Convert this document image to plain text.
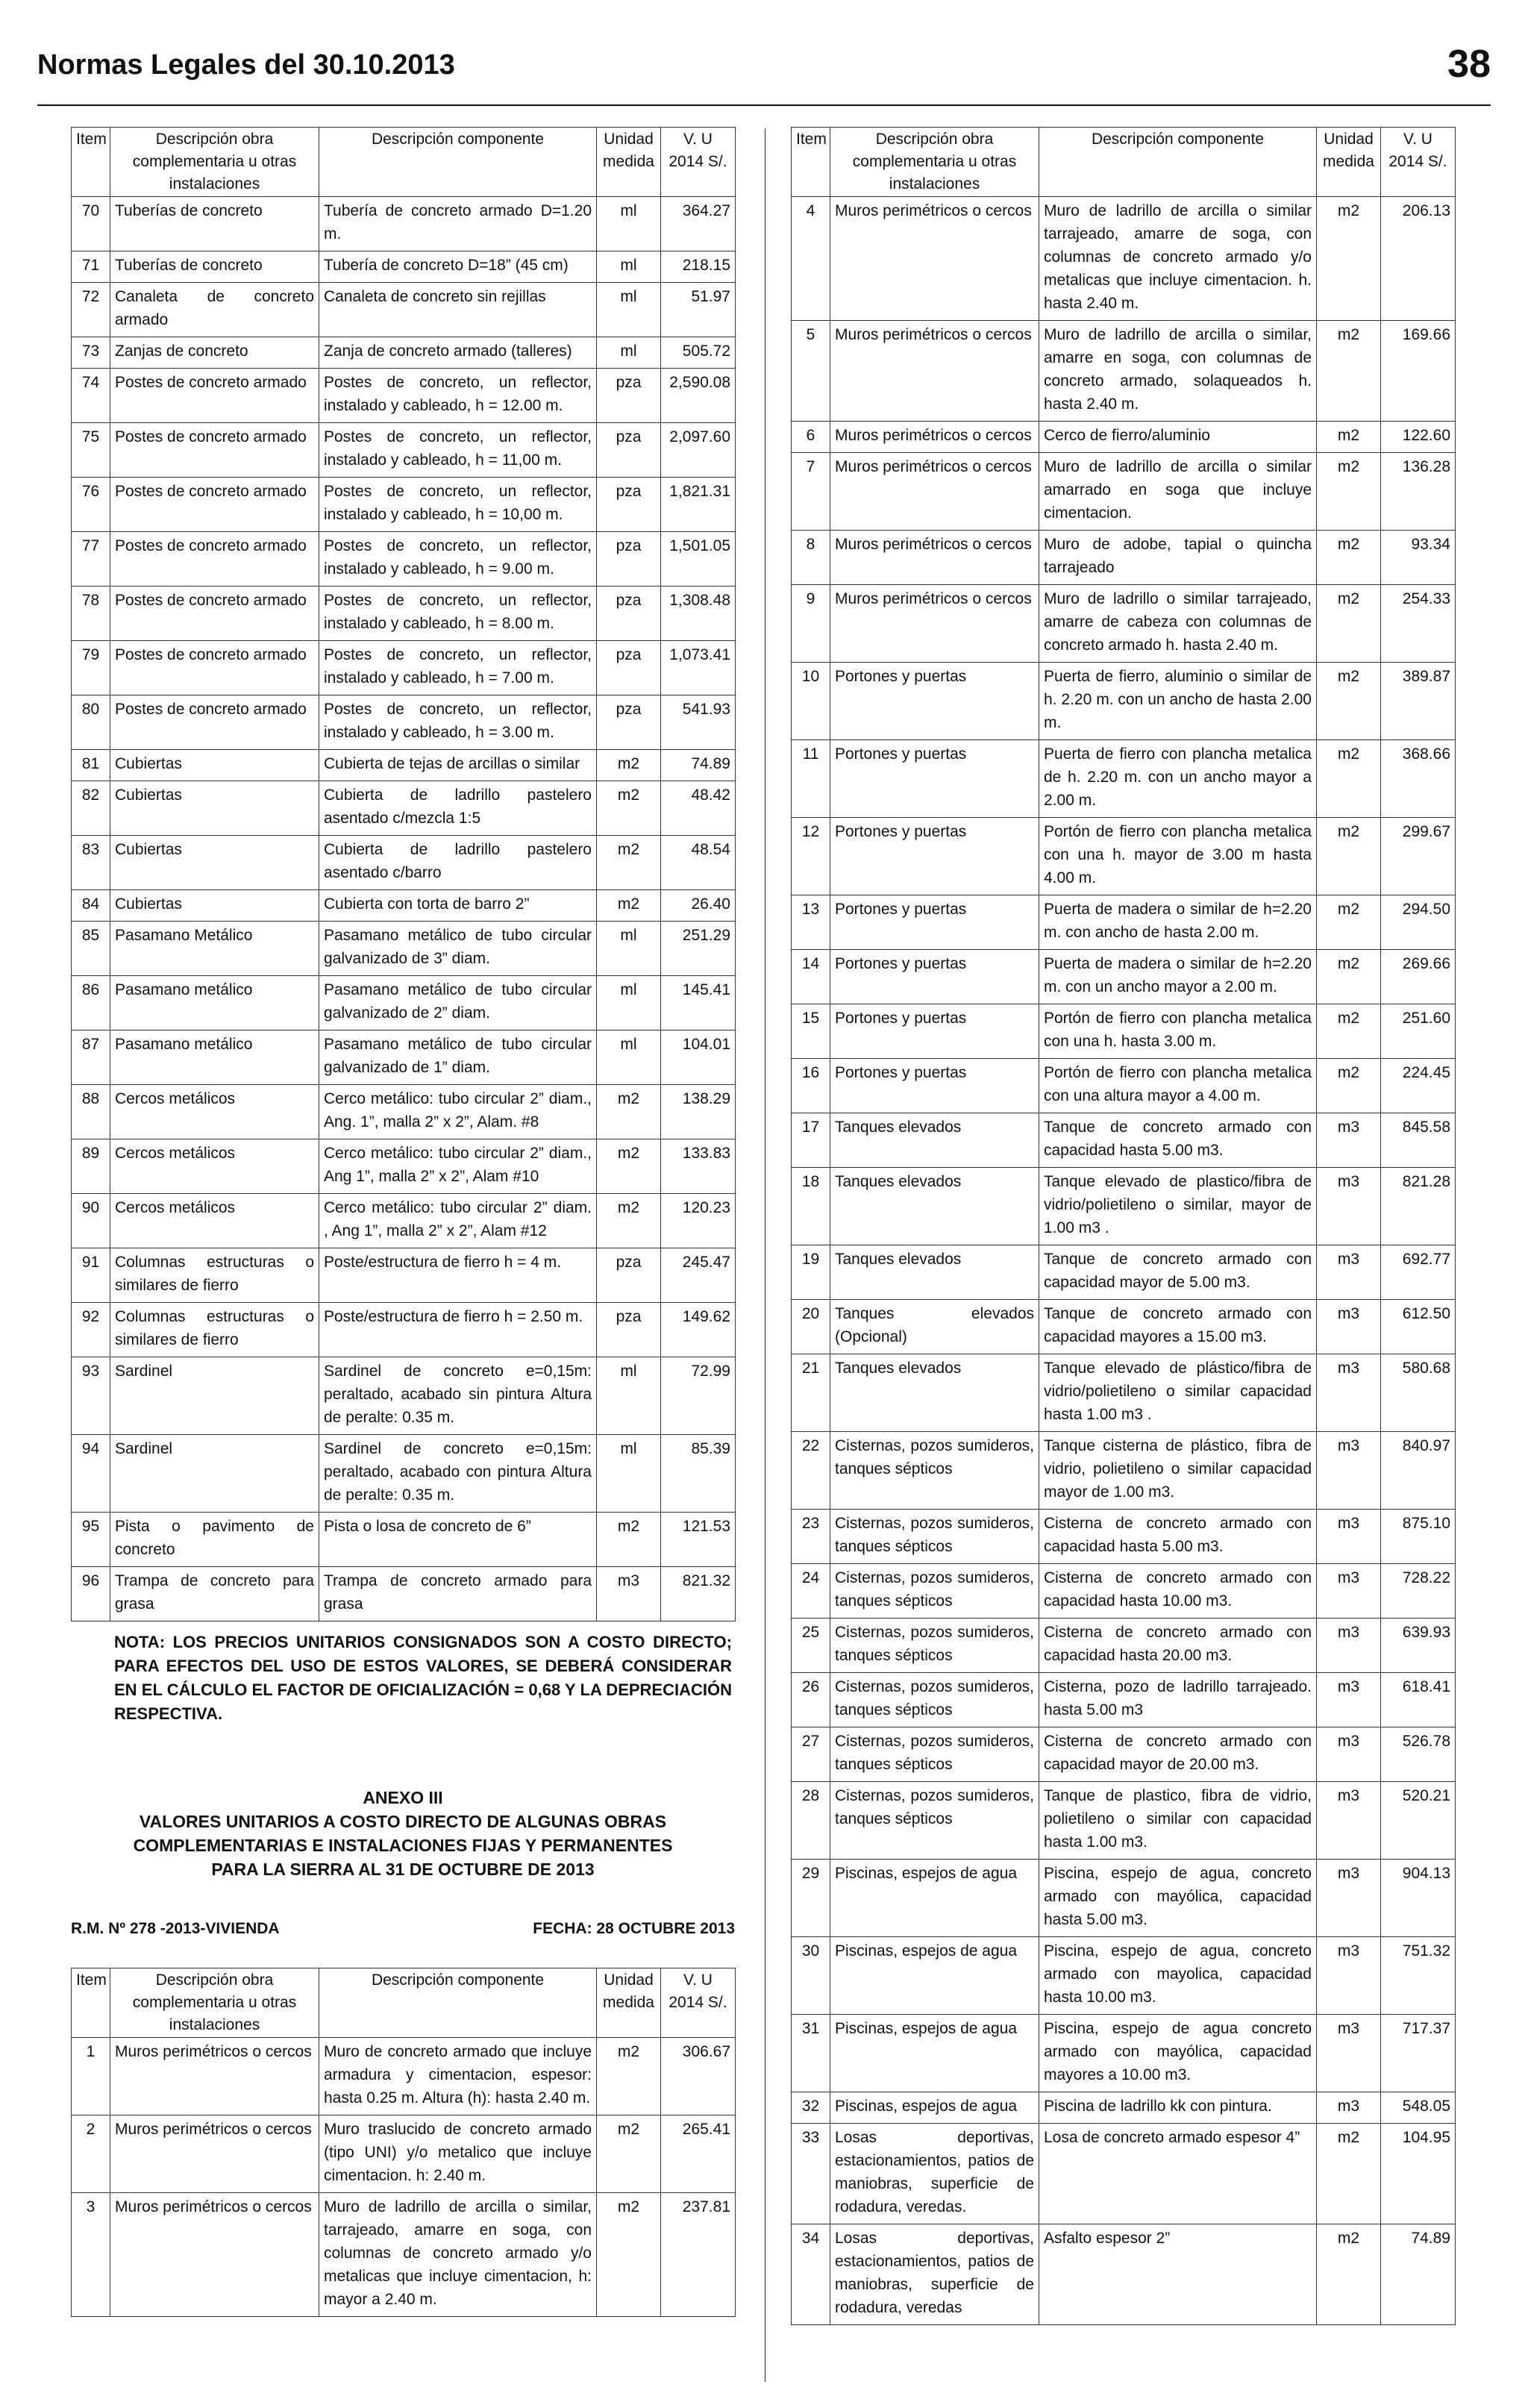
Normas Legales del 30.10.2013	38
Item	Descripción obra complementaria u otras instalaciones	Descripción componente	Unidad medida	V. U 2014 S/.
70	Tuberías de concreto	Tubería de concreto armado D=1.20 m.	ml	364.27
71	Tuberías de concreto	Tubería de concreto D=18” (45 cm)	ml	218.15
72	Canaleta de concreto armado	Canaleta de concreto sin rejillas	ml	51.97
73	Zanjas de concreto	Zanja de concreto armado (talleres)	ml	505.72
74	Postes de concreto armado	Postes de concreto, un reflector, instalado y cableado, h = 12.00 m.	pza	2,590.08
75	Postes de concreto armado	Postes de concreto, un reflector, instalado y cableado, h = 11,00 m.	pza	2,097.60
76	Postes de concreto armado	Postes de concreto, un reflector, instalado y cableado, h = 10,00 m.	pza	1,821.31
77	Postes de concreto armado	Postes de concreto, un reflector, instalado y cableado, h = 9.00 m.	pza	1,501.05
78	Postes de concreto armado	Postes de concreto, un reflector, instalado y cableado, h = 8.00 m.	pza	1,308.48
79	Postes de concreto armado	Postes de concreto, un reflector, instalado y cableado, h = 7.00 m.	pza	1,073.41
80	Postes de concreto armado	Postes de concreto, un reflector, instalado y cableado, h = 3.00 m.	pza	541.93
81	Cubiertas	Cubierta de tejas de arcillas o similar	m2	74.89
82	Cubiertas	Cubierta de ladrillo pastelero asentado c/mezcla 1:5	m2	48.42
83	Cubiertas	Cubierta de ladrillo pastelero asentado c/barro	m2	48.54
84	Cubiertas	Cubierta con torta de barro 2”	m2	26.40
85	Pasamano Metálico	Pasamano metálico de tubo circular galvanizado de 3” diam.	ml	251.29
86	Pasamano metálico	Pasamano metálico de tubo circular galvanizado de 2” diam.	ml	145.41
87	Pasamano metálico	Pasamano metálico de tubo circular galvanizado de 1” diam.	ml	104.01
88	Cercos metálicos	Cerco metálico: tubo circular 2” diam., Ang. 1”, malla 2” x 2”, Alam. #8	m2	138.29
89	Cercos metálicos	Cerco metálico: tubo circular 2” diam., Ang 1”, malla 2” x 2”, Alam #10	m2	133.83
90	Cercos metálicos	Cerco metálico: tubo circular 2” diam. , Ang 1”, malla 2” x 2”, Alam #12	m2	120.23
91	Columnas estructuras o similares de fierro	Poste/estructura de fierro h = 4 m.	pza	245.47
92	Columnas estructuras o similares de fierro	Poste/estructura de fierro h = 2.50 m.	pza	149.62
93	Sardinel	Sardinel de concreto e=0,15m: peraltado, acabado sin pintura Altura de peralte: 0.35 m.	ml	72.99
94	Sardinel	Sardinel de concreto e=0,15m: peraltado, acabado con pintura Altura de peralte: 0.35 m.	ml	85.39
95	Pista o pavimento de concreto	Pista o losa de concreto de 6”	m2	121.53
96	Trampa de concreto para grasa	Trampa de concreto armado para grasa	m3	821.32
NOTA: LOS PRECIOS UNITARIOS CONSIGNADOS SON A COSTO DIRECTO; PARA EFECTOS DEL USO DE ESTOS VALORES, SE DEBERÁ CONSIDERAR EN EL CÁLCULO EL FACTOR DE OFICIALIZACIÓN = 0,68 Y LA DEPRECIACIÓN RESPECTIVA.
ANEXO III
VALORES UNITARIOS A COSTO DIRECTO DE ALGUNAS OBRAS
COMPLEMENTARIAS E INSTALACIONES FIJAS Y PERMANENTES
PARA LA SIERRA AL 31 DE OCTUBRE DE 2013
R.M. Nº 278 -2013-VIVIENDA	FECHA: 28 OCTUBRE 2013
Item	Descripción obra complementaria u otras instalaciones	Descripción componente	Unidad medida	V. U 2014 S/.
1	Muros perimétricos o cercos	Muro de concreto armado que incluye armadura y cimentacion, espesor: hasta 0.25 m. Altura (h): hasta 2.40 m.	m2	306.67
2	Muros perimétricos o cercos	Muro traslucido de concreto armado (tipo UNI) y/o metalico que incluye cimentacion. h: 2.40 m.	m2	265.41
3	Muros perimétricos o cercos	Muro de ladrillo de arcilla o similar, tarrajeado, amarre en soga, con columnas de concreto armado y/o metalicas que incluye cimentacion, h: mayor a 2.40 m.	m2	237.81
Item	Descripción obra complementaria u otras instalaciones	Descripción componente	Unidad medida	V. U 2014 S/.
4	Muros perimétricos o cercos	Muro de ladrillo de arcilla o similar tarrajeado, amarre de soga, con columnas de concreto armado y/o metalicas que incluye cimentacion. h. hasta 2.40 m.	m2	206.13
5	Muros perimétricos o cercos	Muro de ladrillo de arcilla o similar, amarre en soga, con columnas de concreto armado, solaqueados h. hasta 2.40 m.	m2	169.66
6	Muros perimétricos o cercos	Cerco de fierro/aluminio	m2	122.60
7	Muros perimétricos o cercos	Muro de ladrillo de arcilla o similar amarrado en soga que incluye cimentacion.	m2	136.28
8	Muros perimétricos o cercos	Muro de adobe, tapial o quincha tarrajeado	m2	93.34
9	Muros perimétricos o cercos	Muro de ladrillo o similar tarrajeado, amarre de cabeza con columnas de concreto armado h. hasta 2.40 m.	m2	254.33
10	Portones y puertas	Puerta de fierro, aluminio o similar de h. 2.20 m. con un ancho de hasta 2.00 m.	m2	389.87
11	Portones y puertas	Puerta de fierro con plancha metalica de h. 2.20 m. con un ancho mayor a 2.00 m.	m2	368.66
12	Portones y puertas	Portón de fierro con plancha metalica con una h. mayor de 3.00 m hasta 4.00 m.	m2	299.67
13	Portones y puertas	Puerta de madera o similar de h=2.20 m. con ancho de hasta 2.00 m.	m2	294.50
14	Portones y puertas	Puerta de madera o similar de h=2.20 m. con un ancho mayor a 2.00 m.	m2	269.66
15	Portones y puertas	Portón de fierro con plancha metalica con una h. hasta 3.00 m.	m2	251.60
16	Portones y puertas	Portón de fierro con plancha metalica con una altura mayor a 4.00 m.	m2	224.45
17	Tanques elevados	Tanque de concreto armado con capacidad hasta 5.00 m3.	m3	845.58
18	Tanques elevados	Tanque elevado de plastico/fibra de vidrio/polietileno o similar, mayor de 1.00 m3 .	m3	821.28
19	Tanques elevados	Tanque de concreto armado con capacidad mayor de 5.00 m3.	m3	692.77
20	Tanques elevados (Opcional)	Tanque de concreto armado con capacidad mayores a 15.00 m3.	m3	612.50
21	Tanques elevados	Tanque elevado de plástico/fibra de vidrio/polietileno o similar capacidad hasta 1.00 m3 .	m3	580.68
22	Cisternas, pozos sumideros, tanques sépticos	Tanque cisterna de plástico, fibra de vidrio, polietileno o similar capacidad mayor de 1.00 m3.	m3	840.97
23	Cisternas, pozos sumideros, tanques sépticos	Cisterna de concreto armado con capacidad hasta 5.00 m3.	m3	875.10
24	Cisternas, pozos sumideros, tanques sépticos	Cisterna de concreto armado con capacidad hasta 10.00 m3.	m3	728.22
25	Cisternas, pozos sumideros, tanques sépticos	Cisterna de concreto armado con capacidad hasta 20.00 m3.	m3	639.93
26	Cisternas, pozos sumideros, tanques sépticos	Cisterna, pozo de ladrillo tarrajeado. hasta 5.00 m3	m3	618.41
27	Cisternas, pozos sumideros, tanques sépticos	Cisterna de concreto armado con capacidad mayor de 20.00 m3.	m3	526.78
28	Cisternas, pozos sumideros, tanques sépticos	Tanque de plastico, fibra de vidrio, polietileno o similar con capacidad hasta 1.00 m3.	m3	520.21
29	Piscinas, espejos de agua	Piscina, espejo de agua, concreto armado con mayólica, capacidad hasta 5.00 m3.	m3	904.13
30	Piscinas, espejos de agua	Piscina, espejo de agua, concreto armado con mayolica, capacidad hasta 10.00 m3.	m3	751.32
31	Piscinas, espejos de agua	Piscina, espejo de agua concreto armado con mayólica, capacidad mayores a 10.00 m3.	m3	717.37
32	Piscinas, espejos de agua	Piscina de ladrillo kk con pintura.	m3	548.05
33	Losas deportivas, estacionamientos, patios de maniobras, superficie de rodadura, veredas.	Losa de concreto armado espesor 4”	m2	104.95
34	Losas deportivas, estacionamientos, patios de maniobras, superficie de rodadura, veredas	Asfalto espesor 2”	m2	74.89
